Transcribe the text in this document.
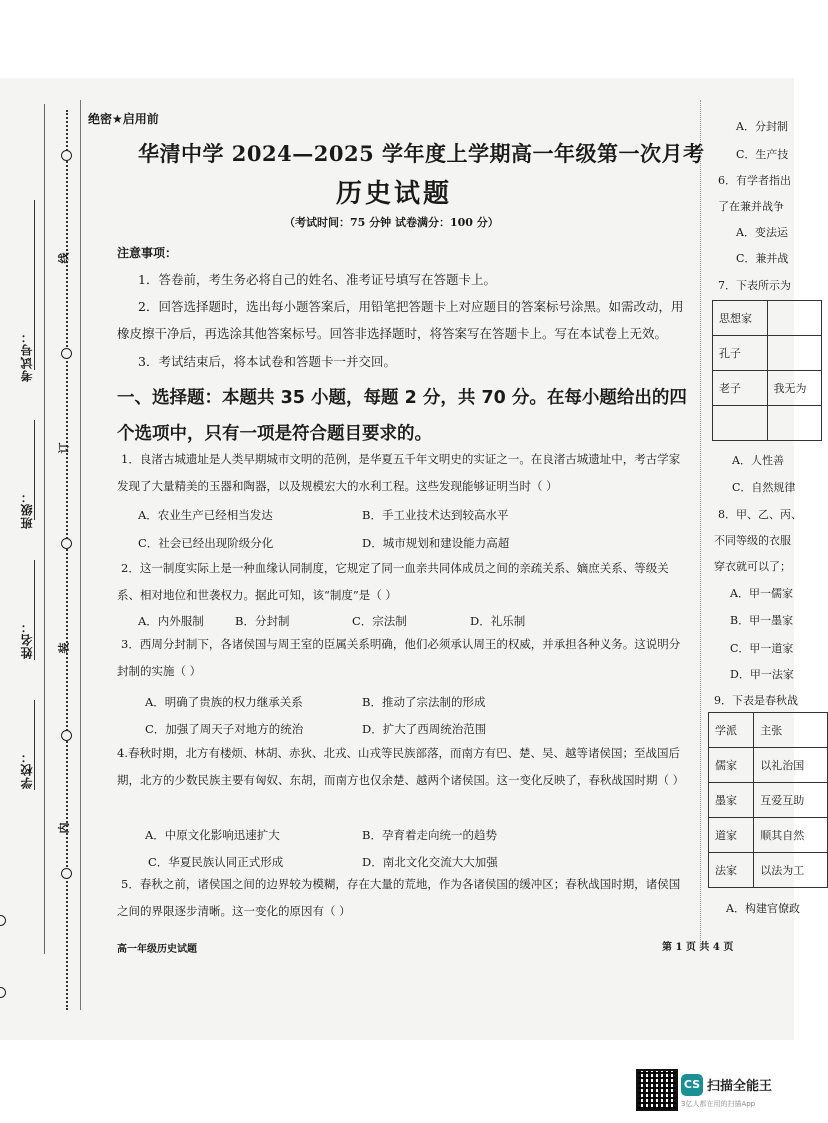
考试号：
班级：
姓名：
学校：
线
订
装
内
绝密★启用前
华清中学 2024—2025 学年度上学期高一年级第一次月考
历史试题
（考试时间：75 分钟 试卷满分：100 分）
注意事项：
1．答卷前，考生务必将自己的姓名、准考证号填写在答题卡上。
2．回答选择题时，选出每小题答案后，用铅笔把答题卡上对应题目的答案标号涂黑。如需改动，用橡皮擦干净后，再选涂其他答案标号。回答非选择题时，将答案写在答题卡上。写在本试卷上无效。
3．考试结束后，将本试卷和答题卡一并交回。
一、选择题：本题共 35 小题，每题 2 分，共 70 分。在每小题给出的四个选项中，只有一项是符合题目要求的。
1．良渚古城遗址是人类早期城市文明的范例，是华夏五千年文明史的实证之一。在良渚古城遗址中，考古学家发现了大量精美的玉器和陶器，以及规模宏大的水利工程。这些发现能够证明当时（ ）
A．农业生产已经相当发达	B．手工业技术达到较高水平
C．社会已经出现阶级分化	D．城市规划和建设能力高超
2．这一制度实际上是一种血缘认同制度，它规定了同一血亲共同体成员之间的亲疏关系、嫡庶关系、等级关系、相对地位和世袭权力。据此可知，该“制度”是（ ）
A．内外服制	B．分封制	C．宗法制	D．礼乐制
3．西周分封制下，各诸侯国与周王室的臣属关系明确，他们必须承认周王的权威，并承担各种义务。这说明分封制的实施（ ）
A．明确了贵族的权力继承关系	B．推动了宗法制的形成
C．加强了周天子对地方的统治	D．扩大了西周统治范围
4.春秋时期，北方有楼烦、林胡、赤狄、北戎、山戎等民族部落，而南方有巴、楚、吴、越等诸侯国；至战国后期，北方的少数民族主要有匈奴、东胡，而南方也仅余楚、越两个诸侯国。这一变化反映了，春秋战国时期（ ）
A．中原文化影响迅速扩大	B．孕育着走向统一的趋势
C．华夏民族认同正式形成	D．南北文化交流大大加强
5．春秋之前，诸侯国之间的边界较为模糊，存在大量的荒地，作为各诸侯国的缓冲区；春秋战国时期，诸侯国之间的界限逐步清晰。这一变化的原因有（ ）
高一年级历史试题	第 1 页 共 4 页
A．分封制
C．生产技
6．有学者指出
了在兼并战争
A．变法运
C．兼并战
7．下表所示为
思想家	
孔子	
老子	我无为

A．人性善
C．自然规律
8．甲、乙、丙、
不同等级的衣服
穿衣就可以了；
A．甲一儒家
B．甲一墨家
C．甲一道家
D．甲一法家
9．下表是春秋战
学派	主张
儒家	以礼治国
墨家	互爱互助
道家	顺其自然
法家	以法为工
A．构建官僚政
CS 扫描全能王
3亿人都在用的扫描App
